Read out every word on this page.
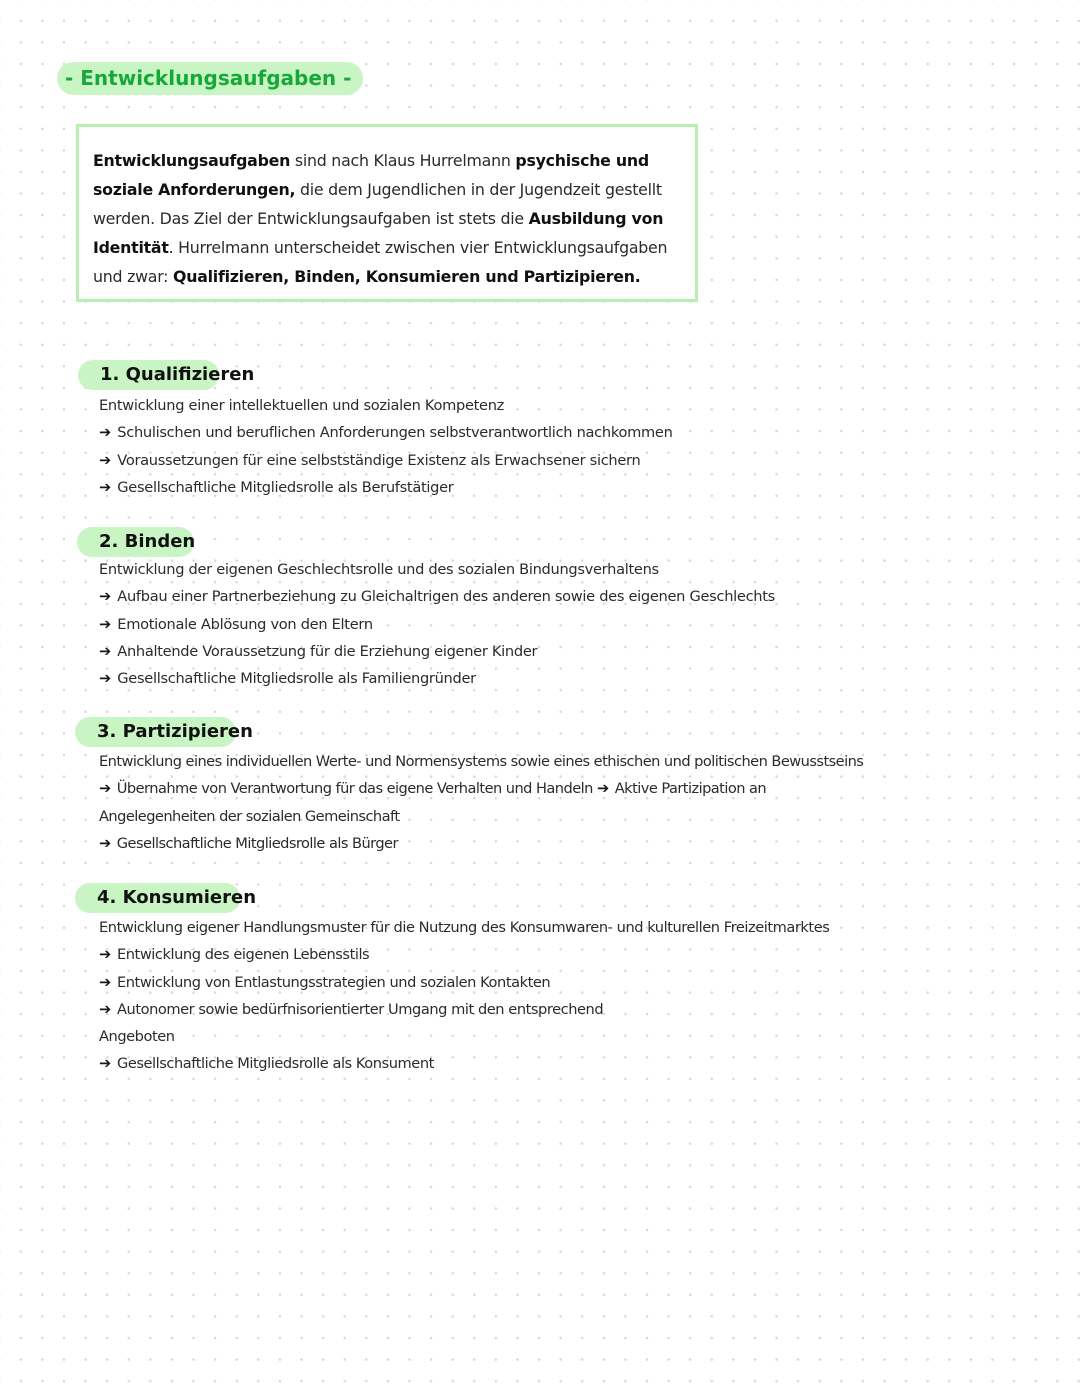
- Entwicklungsaufgaben -
Entwicklungsaufgaben sind nach Klaus Hurrelmann psychische und soziale Anforderungen, die dem Jugendlichen in der Jugendzeit gestellt werden. Das Ziel der Entwicklungsaufgaben ist stets die Ausbildung von Identität. Hurrelmann unterscheidet zwischen vier Entwicklungsaufgaben und zwar: Qualifizieren, Binden, Konsumieren und Partizipieren.
1. Qualifizieren

Entwicklung einer intellektuellen und sozialen Kompetenz

➔ Schulischen und beruflichen Anforderungen selbstverantwortlich nachkommen

➔ Voraussetzungen für eine selbstständige Existenz als Erwachsener sichern

➔ Gesellschaftliche Mitgliedsrolle als Berufstätiger

2. Binden

Entwicklung der eigenen Geschlechtsrolle und des sozialen Bindungsverhaltens

➔ Aufbau einer Partnerbeziehung zu Gleichaltrigen des anderen sowie des eigenen Geschlechts

➔ Emotionale Ablösung von den Eltern

➔ Anhaltende Voraussetzung für die Erziehung eigener Kinder

➔ Gesellschaftliche Mitgliedsrolle als Familiengründer

3. Partizipieren

Entwicklung eines individuellen Werte- und Normensystems sowie eines ethischen und politischen Bewusstseins

➔ Übernahme von Verantwortung für das eigene Verhalten und Handeln ➔ Aktive Partizipation an

Angelegenheiten der sozialen Gemeinschaft

➔ Gesellschaftliche Mitgliedsrolle als Bürger

4. Konsumieren

Entwicklung eigener Handlungsmuster für die Nutzung des Konsumwaren- und kulturellen Freizeitmarktes

➔ Entwicklung des eigenen Lebensstils

➔ Entwicklung von Entlastungsstrategien und sozialen Kontakten

➔ Autonomer sowie bedürfnisorientierter Umgang mit den entsprechend

Angeboten

➔ Gesellschaftliche Mitgliedsrolle als Konsument
